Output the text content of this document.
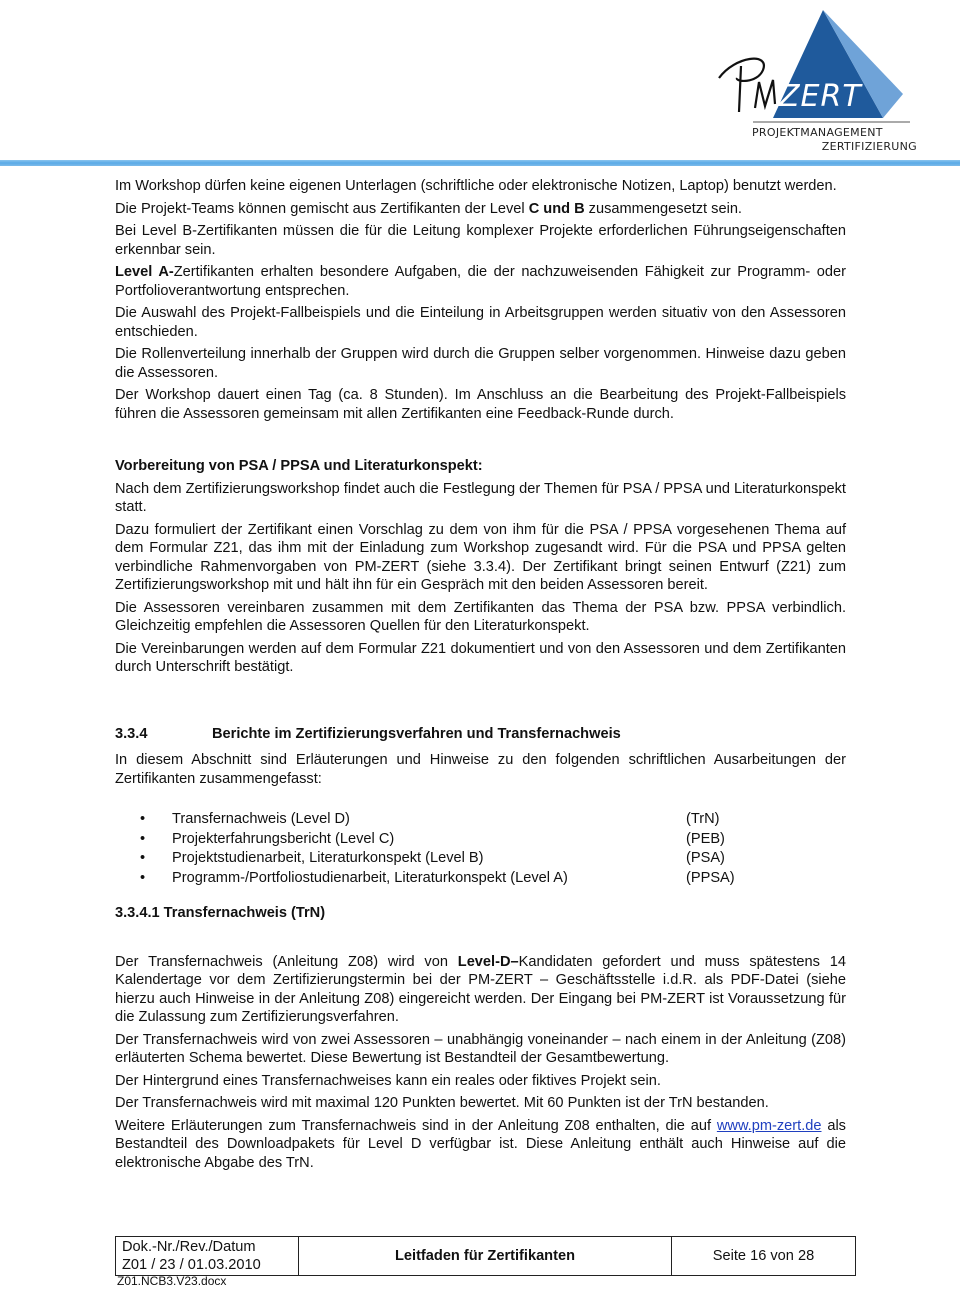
ZERT
PROJEKTMANAGEMENT
ZERTIFIZIERUNG

Im Workshop dürfen keine eigenen Unterlagen (schriftliche oder elektronische Notizen, Laptop) benutzt werden.

Die Projekt-Teams können gemischt aus Zertifikanten der Level C und B zusammengesetzt sein.

Bei Level B-Zertifikanten müssen die für die Leitung komplexer Projekte erforderlichen Führungseigenschaften erkennbar sein.

Level A-Zertifikanten erhalten besondere Aufgaben, die der nachzuweisenden Fähigkeit zur Programm- oder Portfolioverantwortung entsprechen.

Die Auswahl des Projekt-Fallbeispiels und die Einteilung in Arbeitsgruppen werden situativ von den Assessoren entschieden.

Die Rollenverteilung innerhalb der Gruppen wird durch die Gruppen selber vorgenommen. Hinweise dazu geben die Assessoren.

Der Workshop dauert einen Tag (ca. 8 Stunden). Im Anschluss an die Bearbeitung des Projekt-Fallbeispiels führen die Assessoren gemeinsam mit allen Zertifikanten eine Feedback-Runde durch.

Vorbereitung von PSA / PPSA und Literaturkonspekt:

Nach dem Zertifizierungsworkshop findet auch die Festlegung der Themen für PSA / PPSA und Literaturkonspekt statt.

Dazu formuliert der Zertifikant einen Vorschlag zu dem von ihm für die PSA / PPSA vorgesehenen Thema auf dem Formular Z21, das ihm mit der Einladung zum Workshop zugesandt wird. Für die PSA und PPSA gelten verbindliche Rahmenvorgaben von PM-ZERT (siehe 3.3.4). Der Zertifikant bringt seinen Entwurf (Z21) zum Zertifizierungsworkshop mit und hält ihn für ein Gespräch mit den beiden Assessoren bereit.

Die Assessoren vereinbaren zusammen mit dem Zertifikanten das Thema der PSA bzw. PPSA verbindlich. Gleichzeitig empfehlen die Assessoren Quellen für den Literaturkonspekt.

Die Vereinbarungen werden auf dem Formular Z21 dokumentiert und von den Assessoren und dem Zertifikanten durch Unterschrift bestätigt.

3.3.4	Berichte im Zertifizierungsverfahren und Transfernachweis

In diesem Abschnitt sind Erläuterungen und Hinweise zu den folgenden schriftlichen Ausarbeitungen der Zertifikanten zusammengefasst:

•	Transfernachweis (Level D)	(TrN)
•	Projekterfahrungsbericht (Level C)	(PEB)
•	Projektstudienarbeit, Literaturkonspekt (Level B)	(PSA)
•	Programm-/Portfoliostudienarbeit, Literaturkonspekt (Level A)	(PPSA)

3.3.4.1 Transfernachweis (TrN)

Der Transfernachweis (Anleitung Z08) wird von Level-D–Kandidaten gefordert und muss spätestens 14 Kalendertage vor dem Zertifizierungstermin bei der PM-ZERT – Geschäftsstelle i.d.R. als PDF-Datei (siehe hierzu auch Hinweise in der Anleitung Z08) eingereicht werden. Der Eingang bei PM-ZERT ist Voraussetzung für die Zulassung zum Zertifizierungsverfahren.

Der Transfernachweis wird von zwei Assessoren – unabhängig voneinander – nach einem in der Anleitung (Z08) erläuterten Schema bewertet. Diese Bewertung ist Bestandteil der Gesamtbewertung.

Der Hintergrund eines Transfernachweises kann ein reales oder fiktives Projekt sein.

Der Transfernachweis wird mit maximal 120 Punkten bewertet. Mit 60 Punkten ist der TrN bestanden.

Weitere Erläuterungen zum Transfernachweis sind in der Anleitung Z08 enthalten, die auf www.pm-zert.de als Bestandteil des Downloadpakets für Level D verfügbar ist. Diese Anleitung enthält auch Hinweise auf die elektronische Abgabe des TrN.

Dok.-Nr./Rev./Datum
Z01 / 23 / 01.03.2010
	Leitfaden für Zertifikanten	Seite 16 von 28
Z01.NCB3.V23.docx
